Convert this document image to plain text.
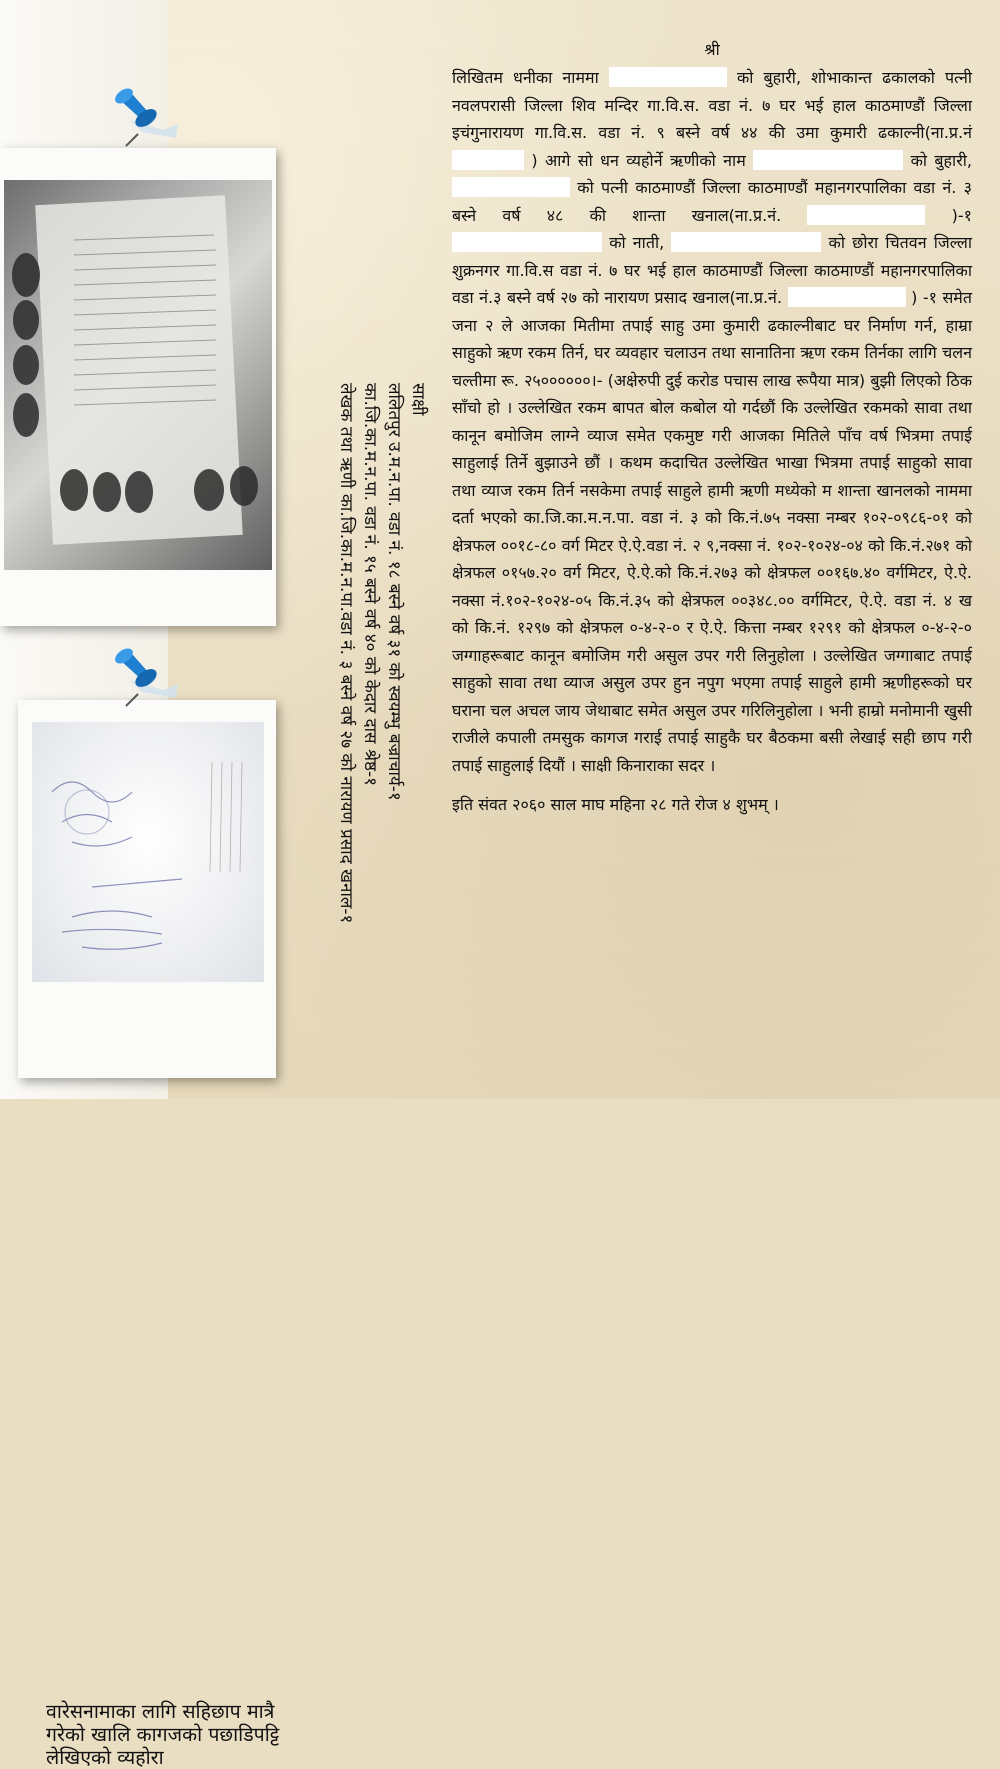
वारेसनामाका लागि सहिछाप मात्रै गरेको खालि कागजको पछाडिपट्टि लेखिएको व्यहोरा
साक्षी
ललितपुर उ.म.न.पा. वडा नं. १८ बस्ने वर्ष ३१ को स्वयम्भु बज्राचार्य-१
का.जि.का.म.न.पा. वडा नं. १५ बस्ने वर्ष ४० को केदार दास श्रेष्ठ-१
लेखक तथा ऋणी का.जि.का.म.न.पा.वडा नं. ३ बस्ने वर्ष २७ को नारायण प्रसाद खनाल-१
श्री

लिखितम धनीका नाममा	को बुहारी, शोभाकान्त ढकालको पत्नी नवलपरासी जिल्ला शिव मन्दिर गा.वि.स. वडा नं. ७ घर भई हाल काठमाण्डौं जिल्ला इचंगुनारायण गा.वि.स. वडा नं. ९ बस्ने वर्ष ४४ की उमा कुमारी ढकाल्नी(ना.प्र.नं  ) आगे सो धन व्यहोर्ने ऋणीको नाम	को बुहारी,  को पत्नी काठमाण्डौं जिल्ला काठमाण्डौं महानगरपालिका वडा नं. ३ बस्ने वर्ष ४८ की शान्ता खनाल(ना.प्र.नं.	)-१  को नाती,	को छोरा चितवन जिल्ला शुक्रनगर गा.वि.स वडा नं. ७ घर भई हाल काठमाण्डौं जिल्ला काठमाण्डौं महानगरपालिका वडा नं.३ बस्ने वर्ष २७ को नारायण प्रसाद खनाल(ना.प्र.नं.	) -१ समेत जना २ ले आजका मितीमा तपाई साहु उमा कुमारी ढकाल्नीबाट घर निर्माण गर्न, हाम्रा साहुको ऋण रकम तिर्न, घर व्यवहार चलाउन तथा सानातिना ऋण रकम तिर्नका लागि चलन चल्तीमा रू. २५००००००।- (अक्षेरुपी दुई करोड पचास लाख रूपैया मात्र) बुझी लिएको ठिक साँचो हो । उल्लेखित रकम बापत बोल कबोल यो गर्दछौं कि उल्लेखित रकमको सावा तथा कानून बमोजिम लाग्ने व्याज समेत एकमुष्ट गरी आजका मितिले पाँच वर्ष भित्रमा तपाई साहुलाई तिर्ने बुझाउने छौं । कथम कदाचित उल्लेखित भाखा भित्रमा तपाई साहुको सावा तथा व्याज रकम तिर्न नसकेमा तपाई साहुले हामी ऋणी मध्येको म शान्ता खानलको नाममा दर्ता भएको का.जि.का.म.न.पा. वडा नं. ३ को कि.नं.७५ नक्सा नम्बर १०२-०९८६-०१ को क्षेत्रफल ००१८-८० वर्ग मिटर ऐ.ऐ.वडा नं. २ ९,नक्सा नं. १०२-१०२४-०४ को कि.नं.२७१ को क्षेत्रफल ०१५७.२० वर्ग मिटर, ऐ.ऐ.को कि.नं.२७३ को क्षेत्रफल ००१६७.४० वर्गमिटर, ऐ.ऐ. नक्सा नं.१०२-१०२४-०५ कि.नं.३५ को क्षेत्रफल ००३४८.०० वर्गमिटर, ऐ.ऐ. वडा नं. ४ ख को कि.नं. १२९७ को क्षेत्रफल ०-४-२-० र ऐ.ऐ. कित्ता नम्बर १२९१ को क्षेत्रफल ०-४-२-० जग्गाहरूबाट कानून बमोजिम गरी असुल उपर गरी लिनुहोला । उल्लेखित जग्गाबाट तपाई साहुको सावा तथा व्याज असुल उपर हुन नपुग भएमा तपाई साहुले हामी ऋणीहरूको घर घराना चल अचल जाय जेथाबाट समेत असुल उपर गरिलिनुहोला । भनी हाम्रो मनोमानी खुसी राजीले कपाली तमसुक कागज गराई तपाई साहुकै घर बैठकमा बसी लेखाई सही छाप गरी तपाई साहुलाई दियौं । साक्षी किनाराका सदर ।

इति संवत २०६० साल माघ महिना २८ गते रोज ४ शुभम् ।
